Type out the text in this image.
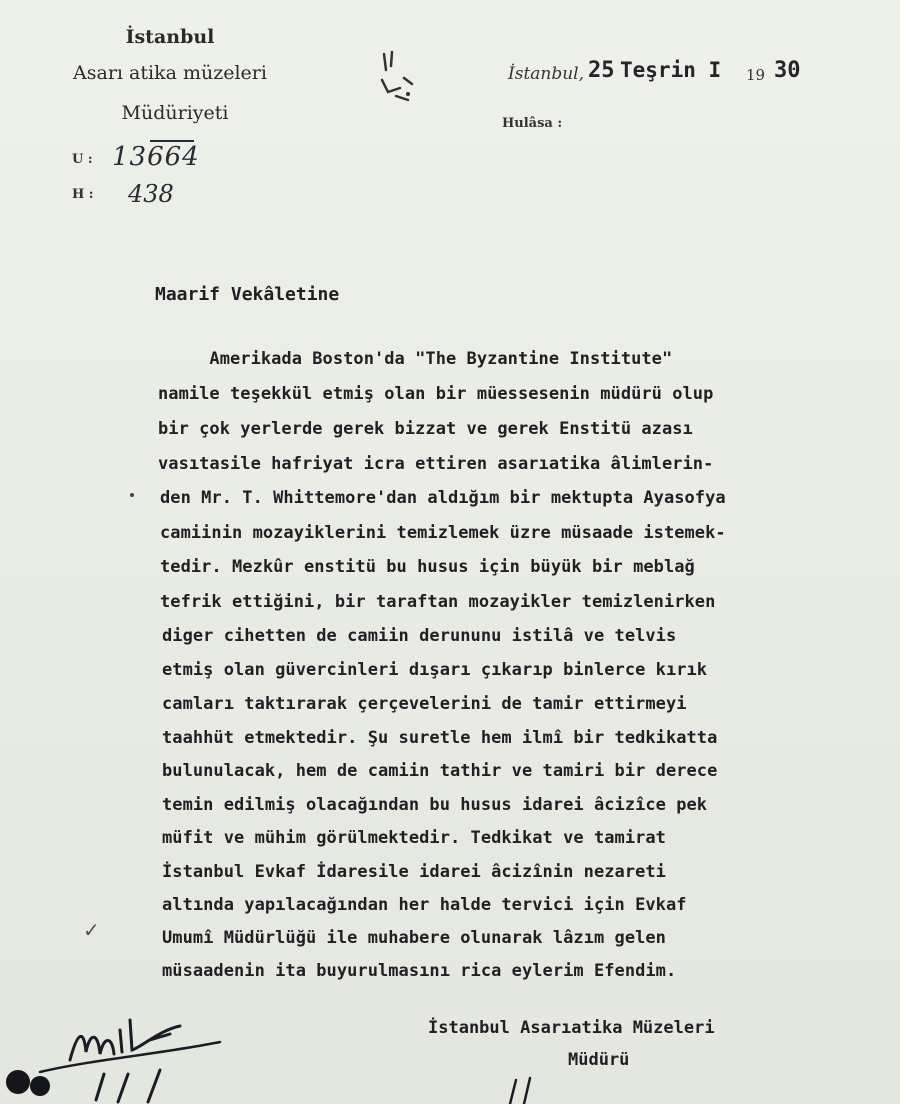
İstanbul
Asarı atika müzeleri
Müdüriyeti
U : 13664
H : 438
İstanbul, 25 Teşrin I 19 30
Hulâsa :
Maarif Vekâletine
Amerikada Boston'da "The Byzantine Institute"
namile teşekkül etmiş olan bir müessesenin müdürü olup
bir çok yerlerde gerek bizzat ve gerek Enstitü azası
vasıtasile hafriyat icra ettiren asarıatika âlimlerin-
den Mr. T. Whittemore'dan aldığım bir mektupta Ayasofya
camiinin mozayiklerini temizlemek üzre müsaade istemek-
tedir. Mezkûr enstitü bu husus için büyük bir meblağ
tefrik ettiğini, bir taraftan mozayikler temizlenirken
diger cihetten de camiin derununu istilâ ve telvis
etmiş olan güvercinleri dışarı çıkarıp binlerce kırık
camları taktırarak çerçevelerini de tamir ettirmeyi
taahhüt etmektedir. Şu suretle hem ilmî bir tedkikatta
bulunulacak, hem de camiin tathir ve tamiri bir derece
temin edilmiş olacağından bu husus idarei âcizîce pek
müfit ve mühim görülmektedir. Tedkikat ve tamirat
İstanbul Evkaf İdaresile idarei âcizînin nezareti
altında yapılacağından her halde tervici için Evkaf
Umumî Müdürlüğü ile muhabere olunarak lâzım gelen
müsaadenin ita buyurulmasını rica eylerim Efendim.
✓
İstanbul Asarıatika Müzeleri
Müdürü
